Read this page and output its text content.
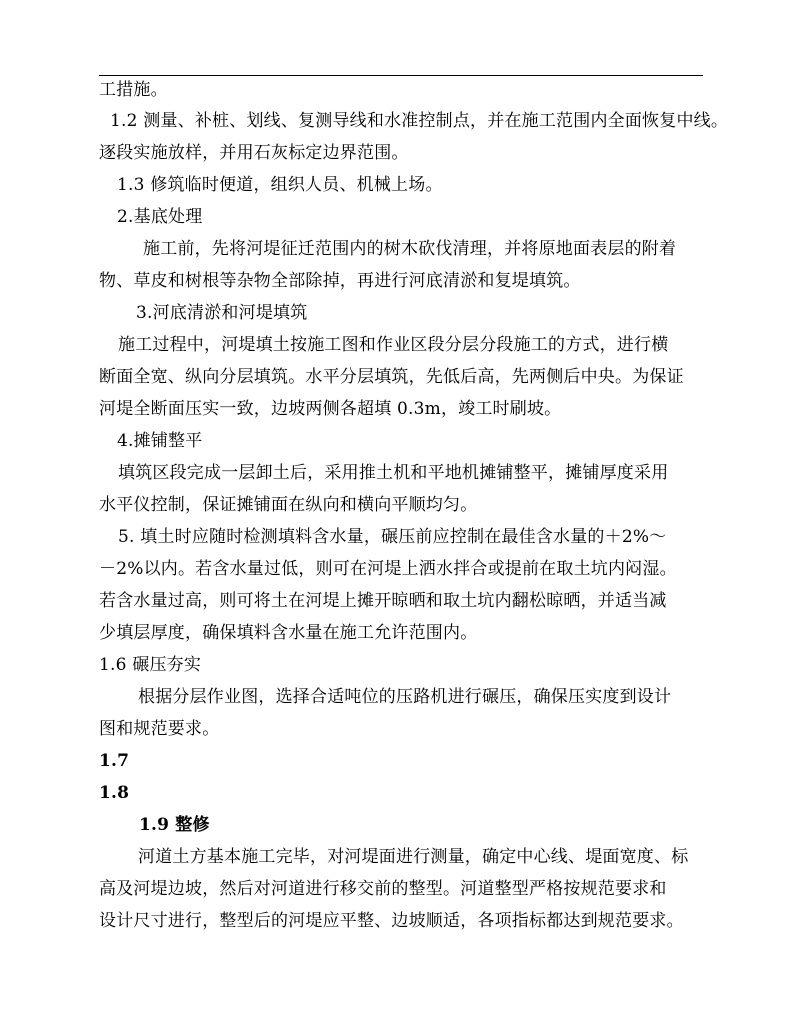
工措施。
1.2 测量、补桩、划线、复测导线和水准控制点，并在施工范围内全面恢复中线。
逐段实施放样，并用石灰标定边界范围。
1.3 修筑临时便道，组织人员、机械上场。
2.基底处理
施工前，先将河堤征迁范围内的树木砍伐清理，并将原地面表层的附着
物、草皮和树根等杂物全部除掉，再进行河底清淤和复堤填筑。
3.河底清淤和河堤填筑
施工过程中，河堤填土按施工图和作业区段分层分段施工的方式，进行横
断面全宽、纵向分层填筑。水平分层填筑，先低后高，先两侧后中央。为保证
河堤全断面压实一致，边坡两侧各超填 0.3m，竣工时刷坡。
4.摊铺整平
填筑区段完成一层卸土后，采用推土机和平地机摊铺整平，摊铺厚度采用
水平仪控制，保证摊铺面在纵向和横向平顺均匀。
5. 填土时应随时检测填料含水量，碾压前应控制在最佳含水量的＋2%～
－2%以内。若含水量过低，则可在河堤上洒水拌合或提前在取土坑内闷湿。
若含水量过高，则可将土在河堤上摊开晾晒和取土坑内翻松晾晒，并适当减
少填层厚度，确保填料含水量在施工允许范围内。
1.6 碾压夯实
根据分层作业图，选择合适吨位的压路机进行碾压，确保压实度到设计
图和规范要求。
1.7
1.8
1.9 整修
河道土方基本施工完毕，对河堤面进行测量，确定中心线、堤面宽度、标
高及河堤边坡，然后对河道进行移交前的整型。河道整型严格按规范要求和
设计尺寸进行，整型后的河堤应平整、边坡顺适，各项指标都达到规范要求。
